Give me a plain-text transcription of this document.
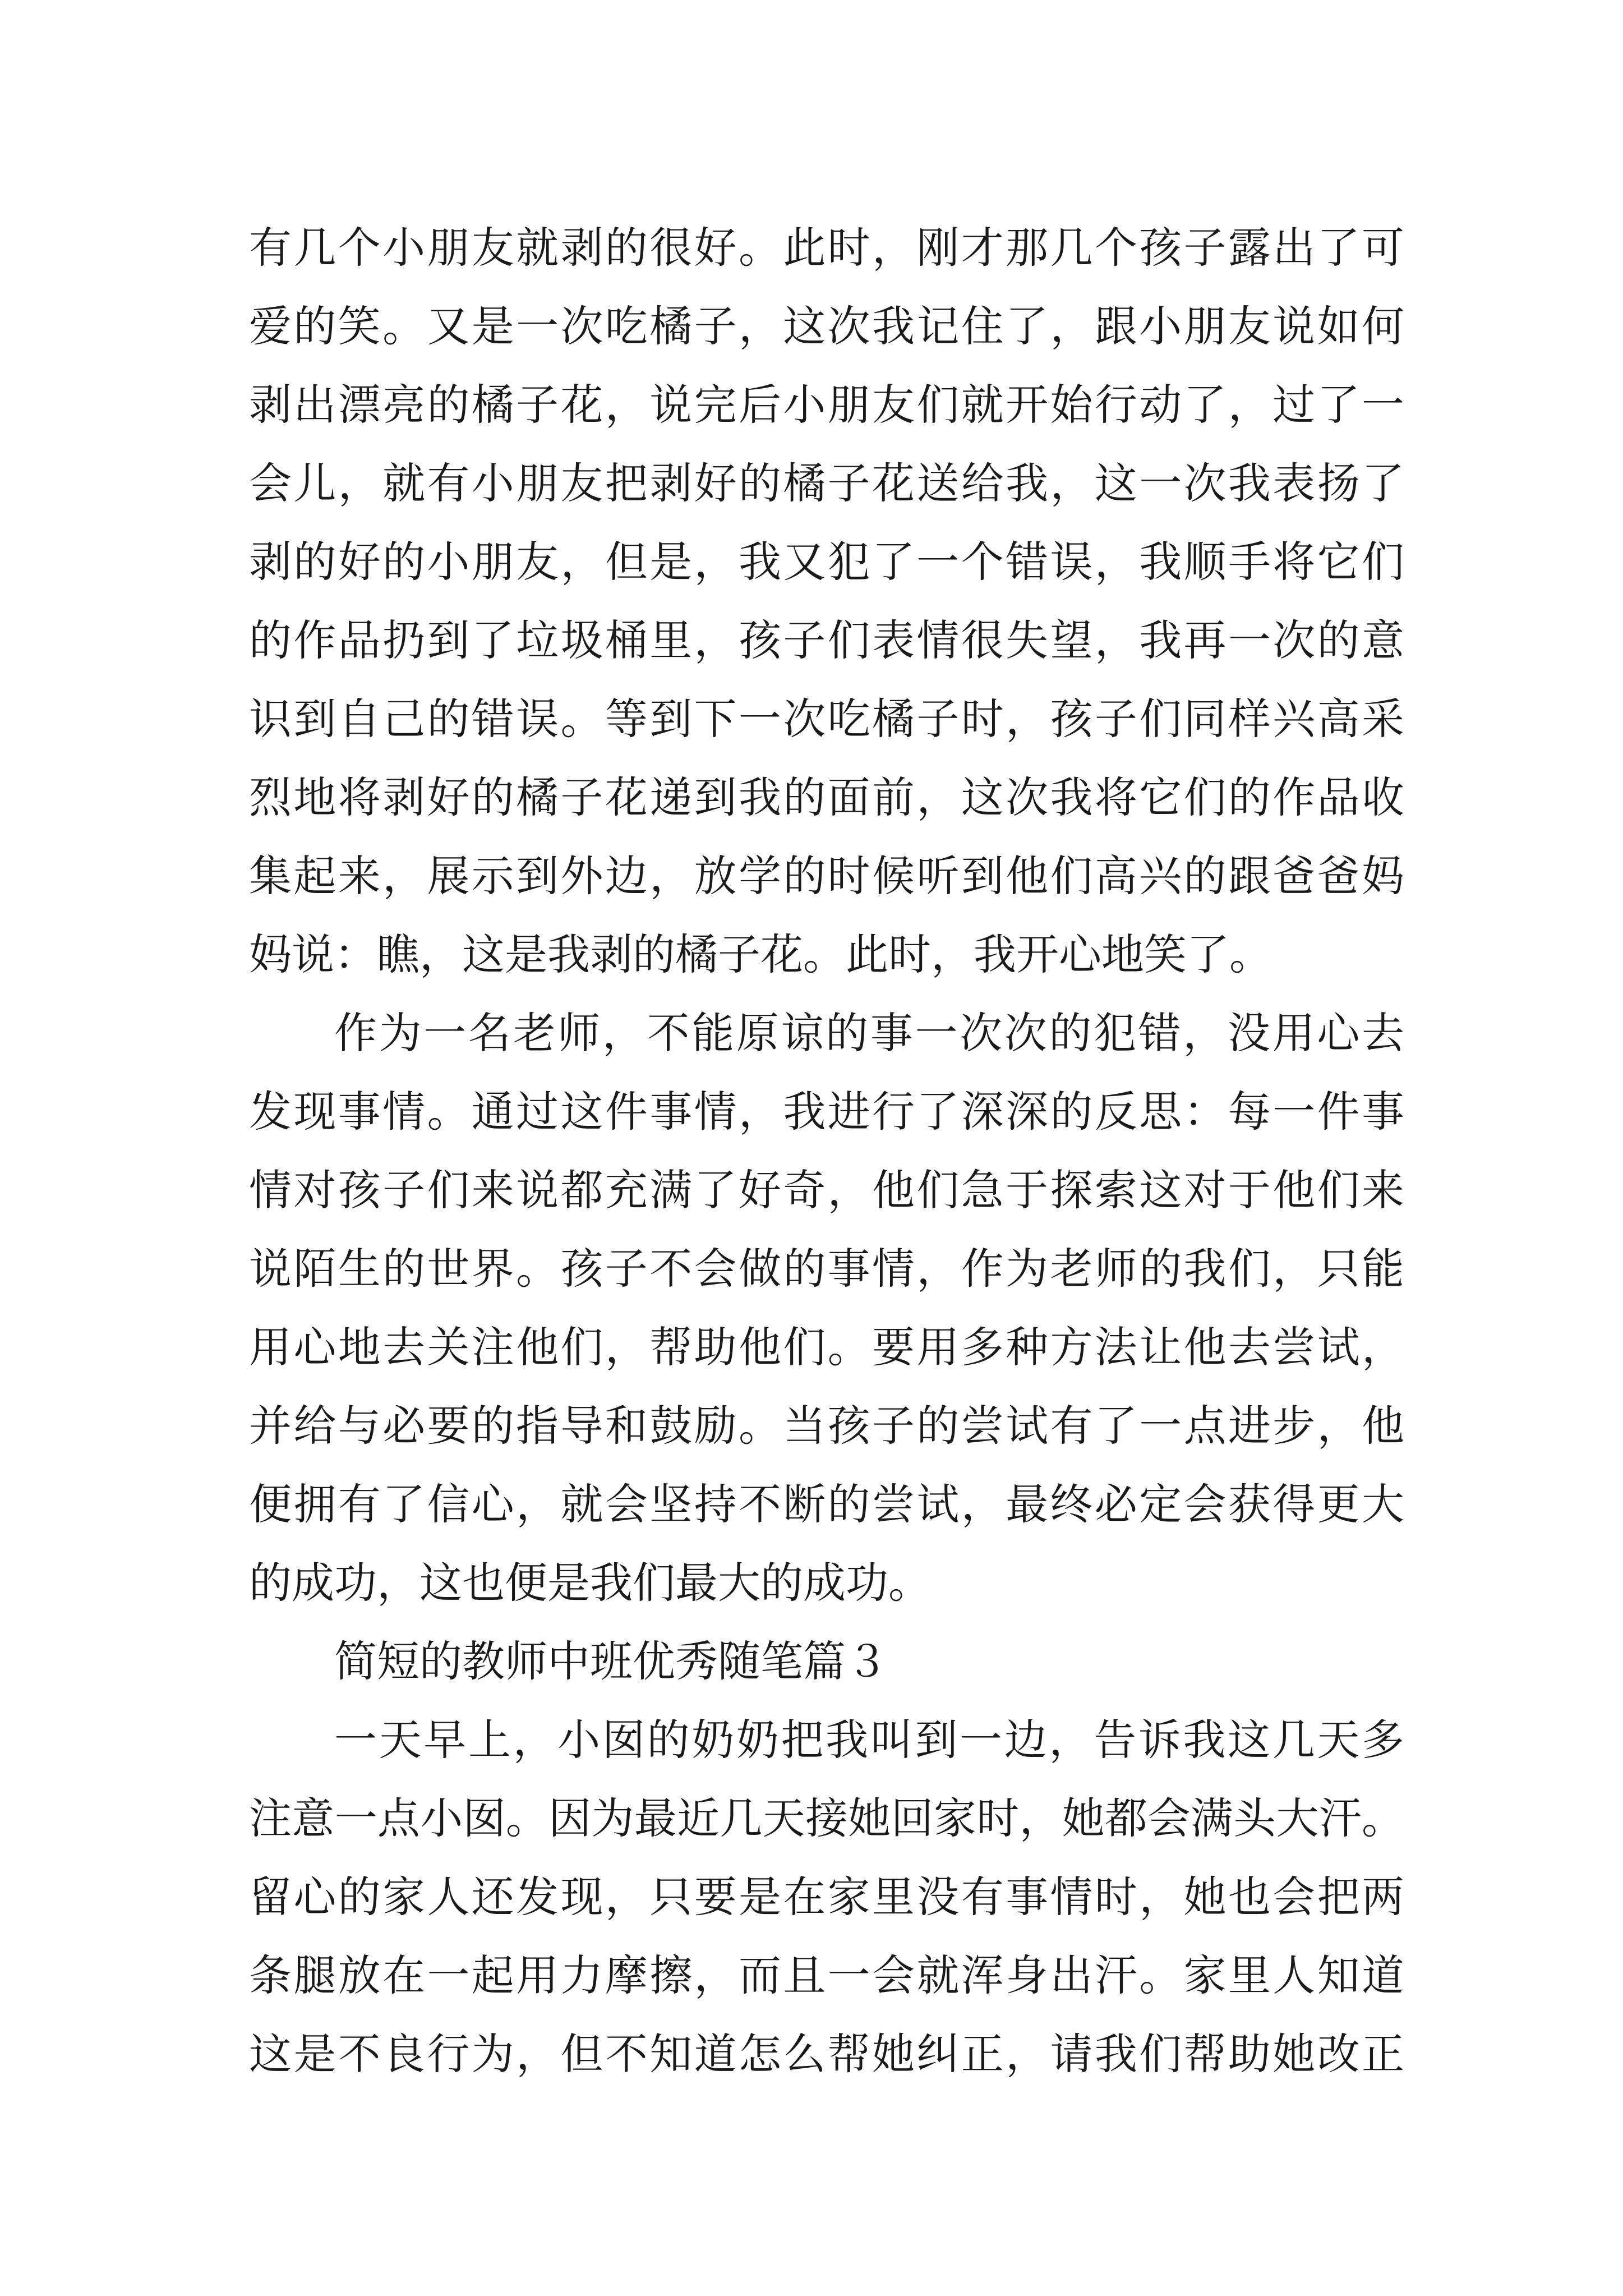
有几个小朋友就剥的很好。此时，刚才那几个孩子露出了可
爱的笑。又是一次吃橘子，这次我记住了，跟小朋友说如何
剥出漂亮的橘子花，说完后小朋友们就开始行动了，过了一
会儿，就有小朋友把剥好的橘子花送给我，这一次我表扬了
剥的好的小朋友，但是，我又犯了一个错误，我顺手将它们
的作品扔到了垃圾桶里，孩子们表情很失望，我再一次的意
识到自己的错误。等到下一次吃橘子时，孩子们同样兴高采
烈地将剥好的橘子花递到我的面前，这次我将它们的作品收
集起来，展示到外边，放学的时候听到他们高兴的跟爸爸妈
妈说：瞧，这是我剥的橘子花。此时，我开心地笑了。
作为一名老师，不能原谅的事一次次的犯错，没用心去
发现事情。通过这件事情，我进行了深深的反思：每一件事
情对孩子们来说都充满了好奇，他们急于探索这对于他们来
说陌生的世界。孩子不会做的事情，作为老师的我们，只能
用心地去关注他们，帮助他们。要用多种方法让他去尝试，
并给与必要的指导和鼓励。当孩子的尝试有了一点进步，他
便拥有了信心，就会坚持不断的尝试，最终必定会获得更大
的成功，这也便是我们最大的成功。
简短的教师中班优秀随笔篇３
一天早上，小囡的奶奶把我叫到一边，告诉我这几天多
注意一点小囡。因为最近几天接她回家时，她都会满头大汗。
留心的家人还发现，只要是在家里没有事情时，她也会把两
条腿放在一起用力摩擦，而且一会就浑身出汗。家里人知道
这是不良行为，但不知道怎么帮她纠正，请我们帮助她改正
